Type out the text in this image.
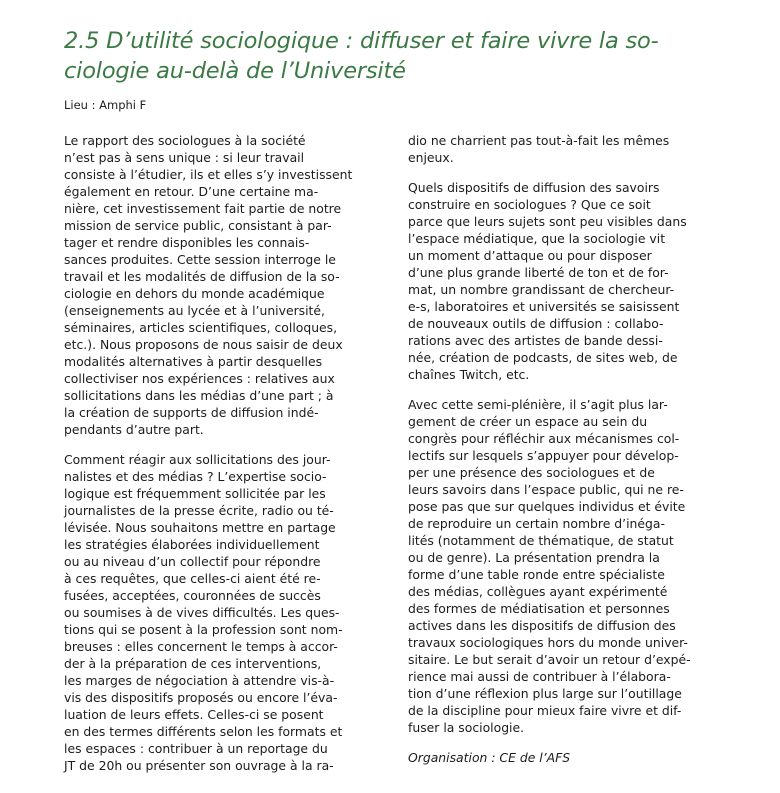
2.5 D’utilité sociologique : diffuser et faire vivre la so-
ciologie au-delà de l’Université
Lieu : Amphi F
Le rapport des sociologues à la société
n’est pas à sens unique : si leur travail
consiste à l’étudier, ils et elles s’y investissent
également en retour. D’une certaine ma-
nière, cet investissement fait partie de notre
mission de service public, consistant à par-
tager et rendre disponibles les connais-
sances produites. Cette session interroge le
travail et les modalités de diffusion de la so-
ciologie en dehors du monde académique
(enseignements au lycée et à l’université,
séminaires, articles scientifiques, colloques,
etc.). Nous proposons de nous saisir de deux
modalités alternatives à partir desquelles
collectiviser nos expériences : relatives aux
sollicitations dans les médias d’une part ; à
la création de supports de diffusion indé-
pendants d’autre part.
Comment réagir aux sollicitations des jour-
nalistes et des médias ? L’expertise socio-
logique est fréquemment sollicitée par les
journalistes de la presse écrite, radio ou té-
lévisée. Nous souhaitons mettre en partage
les stratégies élaborées individuellement
ou au niveau d’un collectif pour répondre
à ces requêtes, que celles-ci aient été re-
fusées, acceptées, couronnées de succès
ou soumises à de vives difficultés. Les ques-
tions qui se posent à la profession sont nom-
breuses : elles concernent le temps à accor-
der à la préparation de ces interventions,
les marges de négociation à attendre vis-à-
vis des dispositifs proposés ou encore l’éva-
luation de leurs effets. Celles-ci se posent
en des termes différents selon les formats et
les espaces : contribuer à un reportage du
JT de 20h ou présenter son ouvrage à la ra-
dio ne charrient pas tout-à-fait les mêmes
enjeux.
Quels dispositifs de diffusion des savoirs
construire en sociologues ? Que ce soit
parce que leurs sujets sont peu visibles dans
l’espace médiatique, que la sociologie vit
un moment d’attaque ou pour disposer
d’une plus grande liberté de ton et de for-
mat, un nombre grandissant de chercheur-
e-s, laboratoires et universités se saisissent
de nouveaux outils de diffusion : collabo-
rations avec des artistes de bande dessi-
née, création de podcasts, de sites web, de
chaînes Twitch, etc.
Avec cette semi-plénière, il s’agit plus lar-
gement de créer un espace au sein du
congrès pour réfléchir aux mécanismes col-
lectifs sur lesquels s’appuyer pour dévelop-
per une présence des sociologues et de
leurs savoirs dans l’espace public, qui ne re-
pose pas que sur quelques individus et évite
de reproduire un certain nombre d’inéga-
lités (notamment de thématique, de statut
ou de genre). La présentation prendra la
forme d’une table ronde entre spécialiste
des médias, collègues ayant expérimenté
des formes de médiatisation et personnes
actives dans les dispositifs de diffusion des
travaux sociologiques hors du monde univer-
sitaire. Le but serait d’avoir un retour d’expé-
rience mai aussi de contribuer à l’élabora-
tion d’une réflexion plus large sur l’outillage
de la discipline pour mieux faire vivre et dif-
fuser la sociologie.
Organisation : CE de l’AFS
